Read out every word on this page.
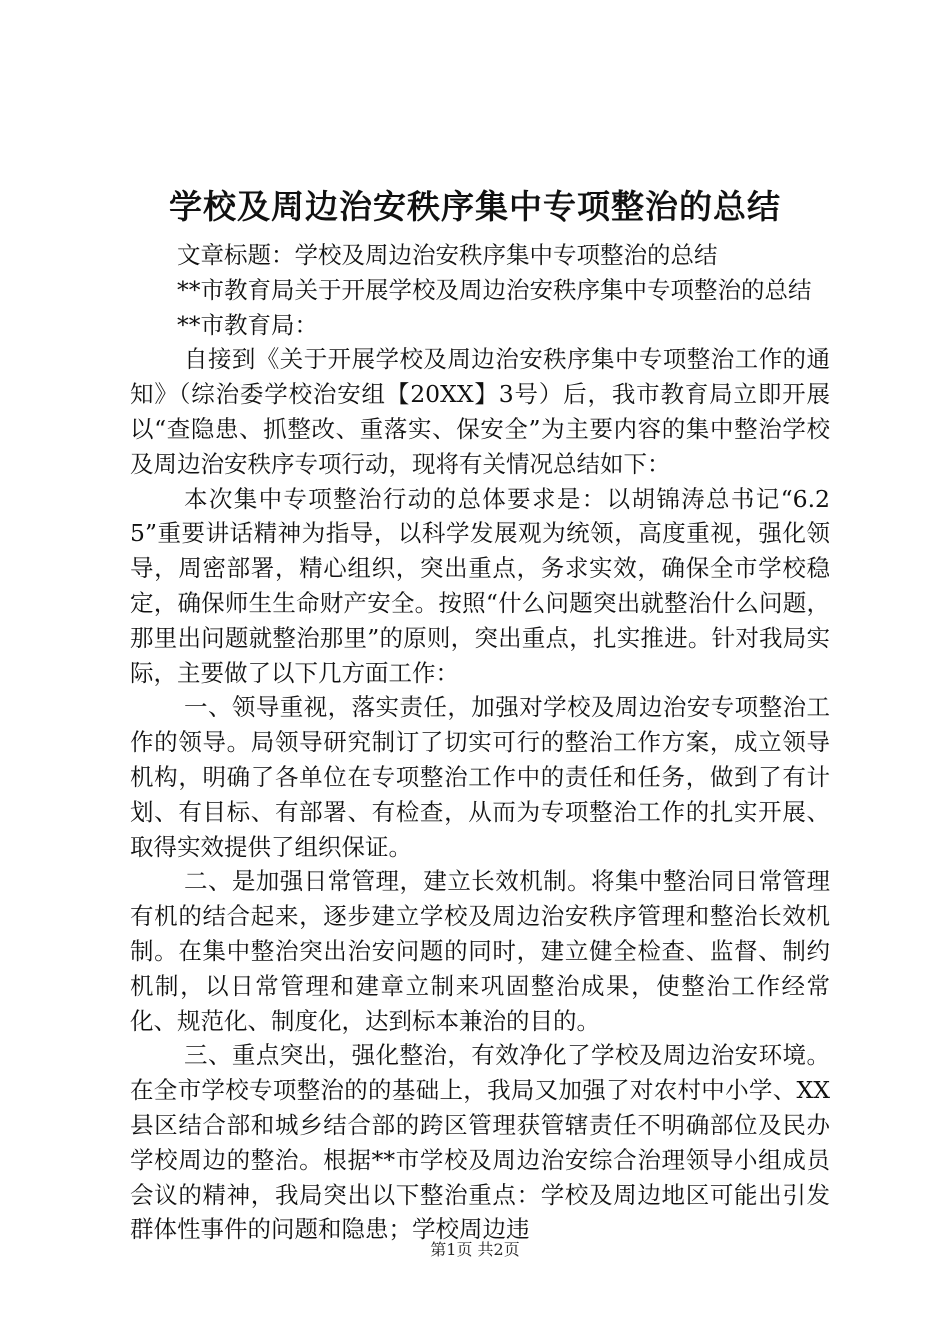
学校及周边治安秩序集中专项整治的总结

文章标题：学校及周边治安秩序集中专项整治的总结

**市教育局关于开展学校及周边治安秩序集中专项整治的总结

**市教育局：

自接到《关于开展学校及周边治安秩序集中专项整治工作的通知》（综治委学校治安组【20XX】3号）后，我市教育局立即开展以“查隐患、抓整改、重落实、保安全”为主要内容的集中整治学校及周边治安秩序专项行动，现将有关情况总结如下：

本次集中专项整治行动的总体要求是：以胡锦涛总书记“6.25”重要讲话精神为指导，以科学发展观为统领，高度重视，强化领导，周密部署，精心组织，突出重点，务求实效，确保全市学校稳定，确保师生生命财产安全。按照“什么问题突出就整治什么问题，那里出问题就整治那里”的原则，突出重点，扎实推进。针对我局实际，主要做了以下几方面工作：

一、领导重视，落实责任，加强对学校及周边治安专项整治工作的领导。局领导研究制订了切实可行的整治工作方案，成立领导机构，明确了各单位在专项整治工作中的责任和任务，做到了有计划、有目标、有部署、有检查，从而为专项整治工作的扎实开展、取得实效提供了组织保证。

二、是加强日常管理，建立长效机制。将集中整治同日常管理有机的结合起来，逐步建立学校及周边治安秩序管理和整治长效机制。在集中整治突出治安问题的同时，建立健全检查、监督、制约机制，以日常管理和建章立制来巩固整治成果，使整治工作经常化、规范化、制度化，达到标本兼治的目的。

三、重点突出，强化整治，有效净化了学校及周边治安环境。在全市学校专项整治的的基础上，我局又加强了对农村中小学、XX县区结合部和城乡结合部的跨区管理获管辖责任不明确部位及民办学校周边的整治。根据**市学校及周边治安综合治理领导小组成员会议的精神，我局突出以下整治重点：学校及周边地区可能出引发群体性事件的问题和隐患；学校周边违

第1页 共2页
